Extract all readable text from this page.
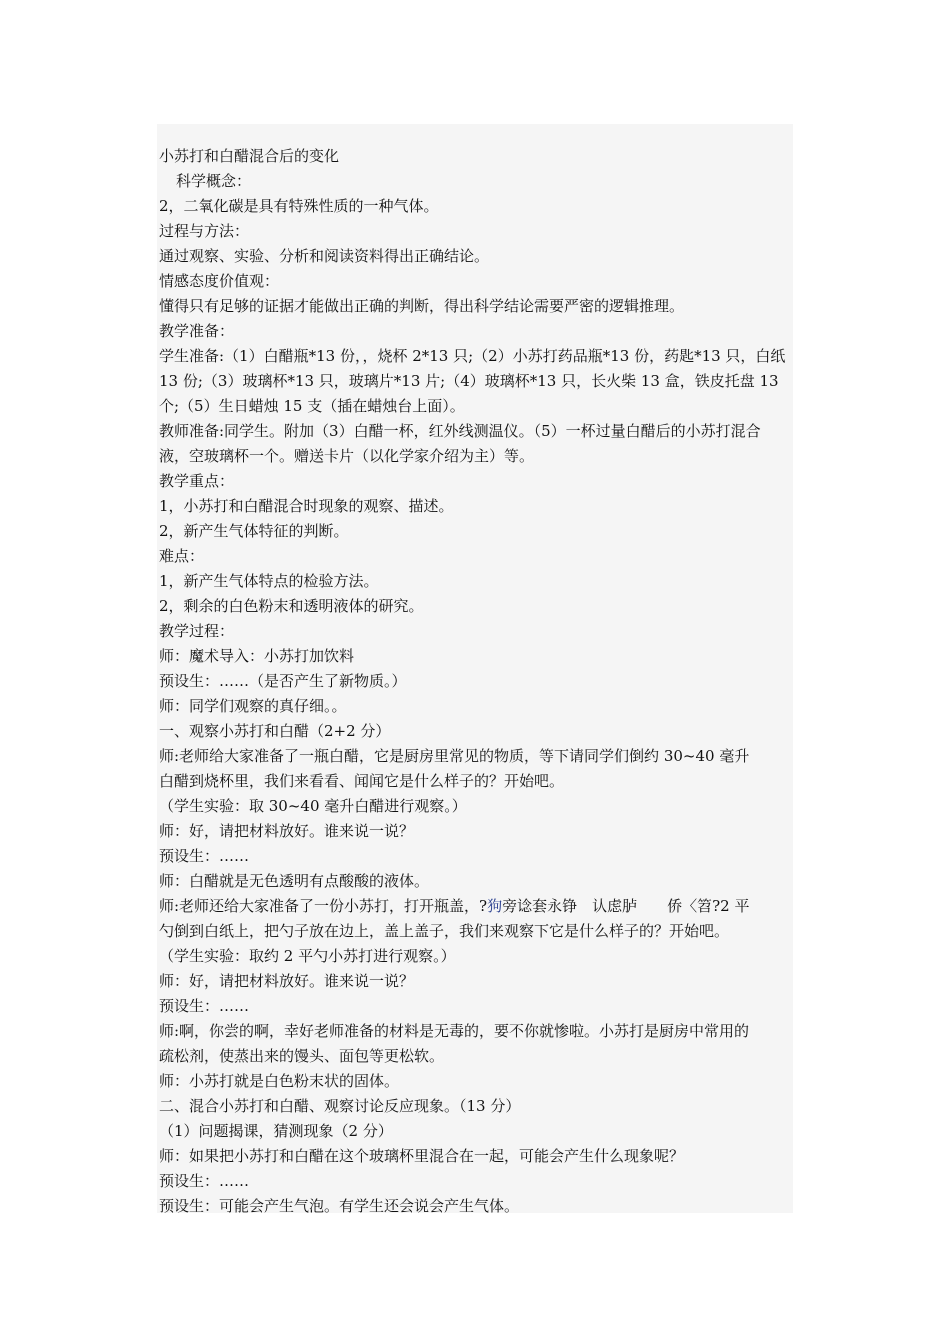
小苏打和白醋混合后的变化
科学概念：
2，二氧化碳是具有特殊性质的一种气体。
过程与方法：
通过观察、实验、分析和阅读资料得出正确结论。
情感态度价值观：
懂得只有足够的证据才能做出正确的判断，得出科学结论需要严密的逻辑推理。
教学准备：
学生准备:（1）白醋瓶*13 份，，烧杯 2*13 只;（2）小苏打药品瓶*13 份，药匙*13 只，白纸
13 份;（3）玻璃杯*13 只，玻璃片*13 片;（4）玻璃杯*13 只，长火柴 13 盒，铁皮托盘 13
个;（5）生日蜡烛 15 支（插在蜡烛台上面）。
教师准备:同学生。附加（3）白醋一杯，红外线测温仪。（5）一杯过量白醋后的小苏打混合
液，空玻璃杯一个。赠送卡片（以化学家介绍为主）等。
教学重点：
1，小苏打和白醋混合时现象的观察、描述。
2，新产生气体特征的判断。
难点：
1，新产生气体特点的检验方法。
2，剩余的白色粉末和透明液体的研究。
教学过程：
师：魔术导入：小苏打加饮料
预设生：……（是否产生了新物质。）
师：同学们观察的真仔细。。
一、观察小苏打和白醋（2+2 分）
师:老师给大家准备了一瓶白醋，它是厨房里常见的物质，等下请同学们倒约 30~40 毫升
白醋到烧杯里，我们来看看、闻闻它是什么样子的？开始吧。
（学生实验：取 30~40 毫升白醋进行观察。）
师：好，请把材料放好。谁来说一说？
预设生：……
师：白醋就是无色透明有点酸酸的液体。
师:老师还给大家准备了一份小苏打，打开瓶盖，?狗旁谂套永铮　认虑胪　　侨〈笤?2 平
勺倒到白纸上，把勺子放在边上，盖上盖子，我们来观察下它是什么样子的？开始吧。
（学生实验：取约 2 平勺小苏打进行观察。）
师：好，请把材料放好。谁来说一说？
预设生：……
师:啊，你尝的啊，幸好老师准备的材料是无毒的，要不你就惨啦。小苏打是厨房中常用的
疏松剂，使蒸出来的馒头、面包等更松软。
师：小苏打就是白色粉末状的固体。
二、混合小苏打和白醋、观察讨论反应现象。（13 分）
（1）问题揭课，猜测现象（2 分）
师：如果把小苏打和白醋在这个玻璃杯里混合在一起，可能会产生什么现象呢？
预设生：……
预设生：可能会产生气泡。有学生还会说会产生气体。
